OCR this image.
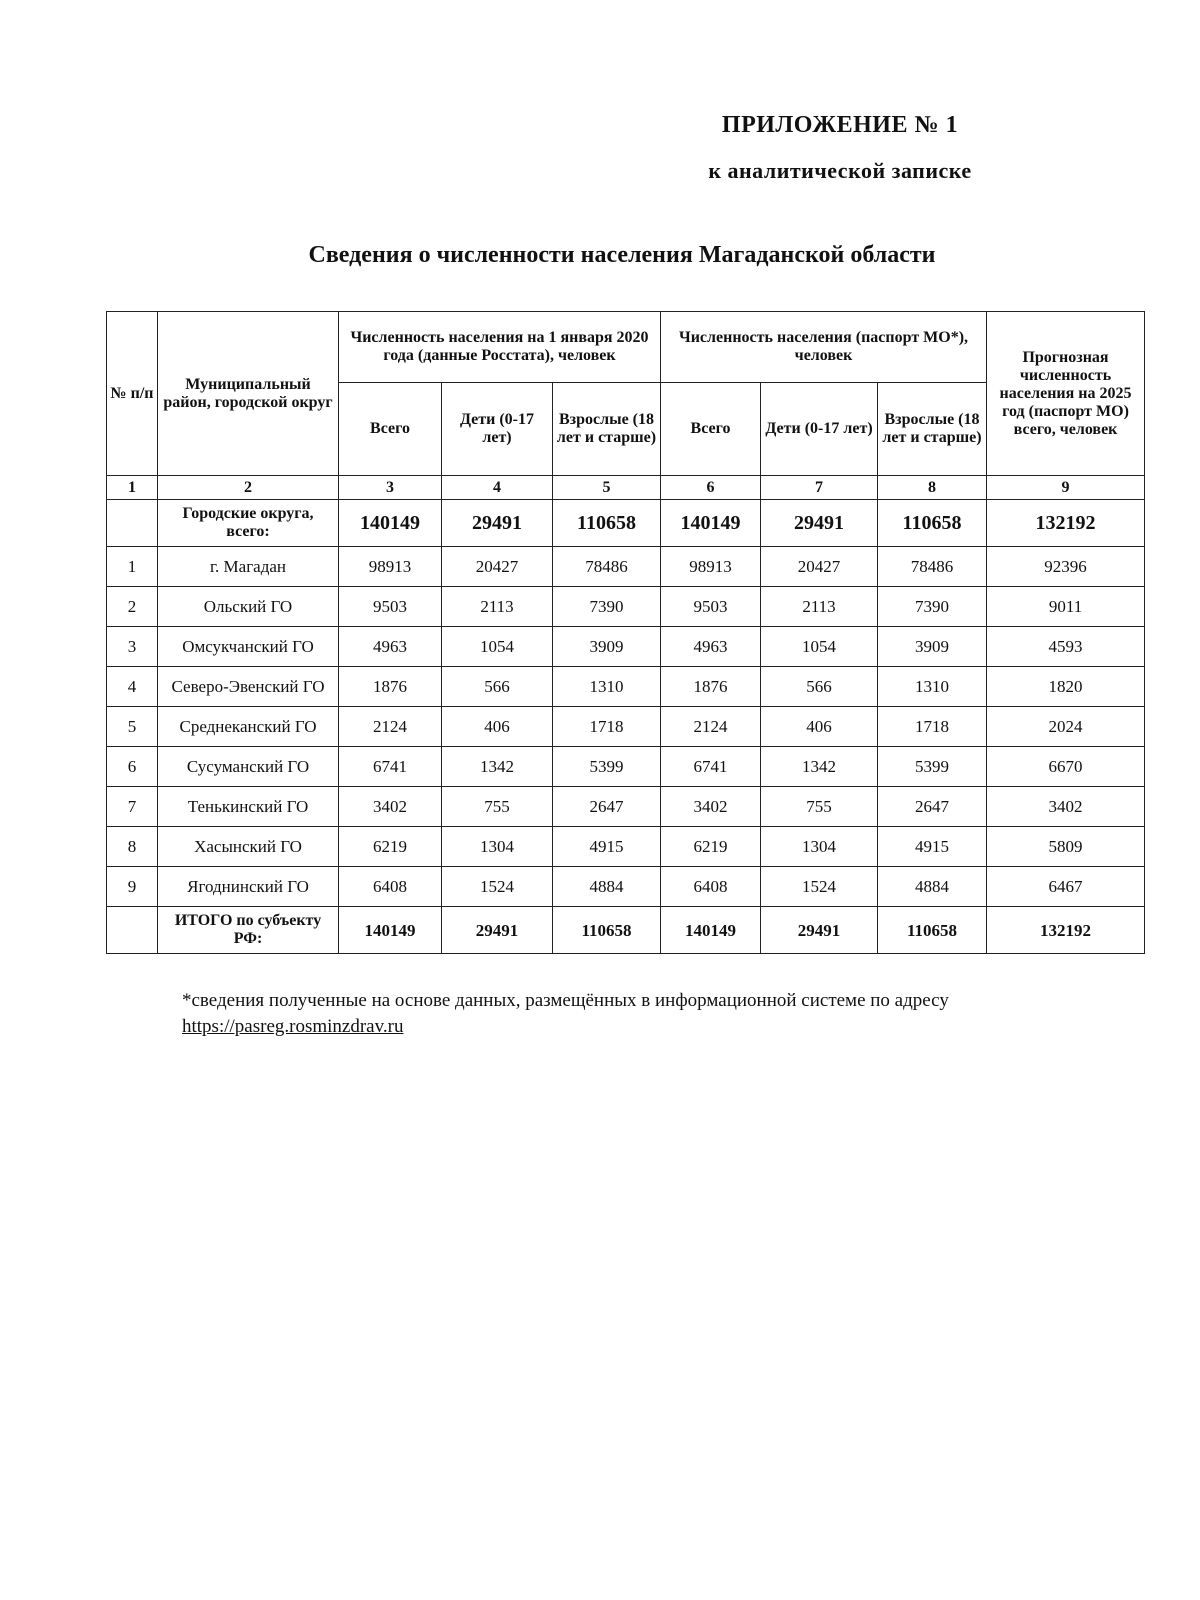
ПРИЛОЖЕНИЕ № 1
к аналитической записке
Сведения о численности населения Магаданской области
№ п/п	Муниципальный район, городской округ	Численность населения на 1 января 2020 года (данные Росстата), человек			Численность населения (паспорт МО*), человек			Прогнозная численность населения на 2025 год (паспорт МО) всего, человек
		Всего	Дети (0-17 лет)	Взрослые (18 лет и старше)	Всего	Дети (0-17 лет)	Взрослые (18 лет и старше)	
1	2	3	4	5	6	7	8	9
	Городские округа, всего:	140149	29491	110658	140149	29491	110658	132192
1	г. Магадан	98913	20427	78486	98913	20427	78486	92396
2	Ольский ГО	9503	2113	7390	9503	2113	7390	9011
3	Омсукчанский ГО	4963	1054	3909	4963	1054	3909	4593
4	Северо-Эвенский ГО	1876	566	1310	1876	566	1310	1820
5	Среднеканский ГО	2124	406	1718	2124	406	1718	2024
6	Сусуманский ГО	6741	1342	5399	6741	1342	5399	6670
7	Тенькинский ГО	3402	755	2647	3402	755	2647	3402
8	Хасынский ГО	6219	1304	4915	6219	1304	4915	5809
9	Ягоднинский ГО	6408	1524	4884	6408	1524	4884	6467
	ИТОГО по субъекту РФ:	140149	29491	110658	140149	29491	110658	132192
*сведения полученные на основе данных, размещённых в информационной системе по адресу https://pasreg.rosminzdrav.ru
